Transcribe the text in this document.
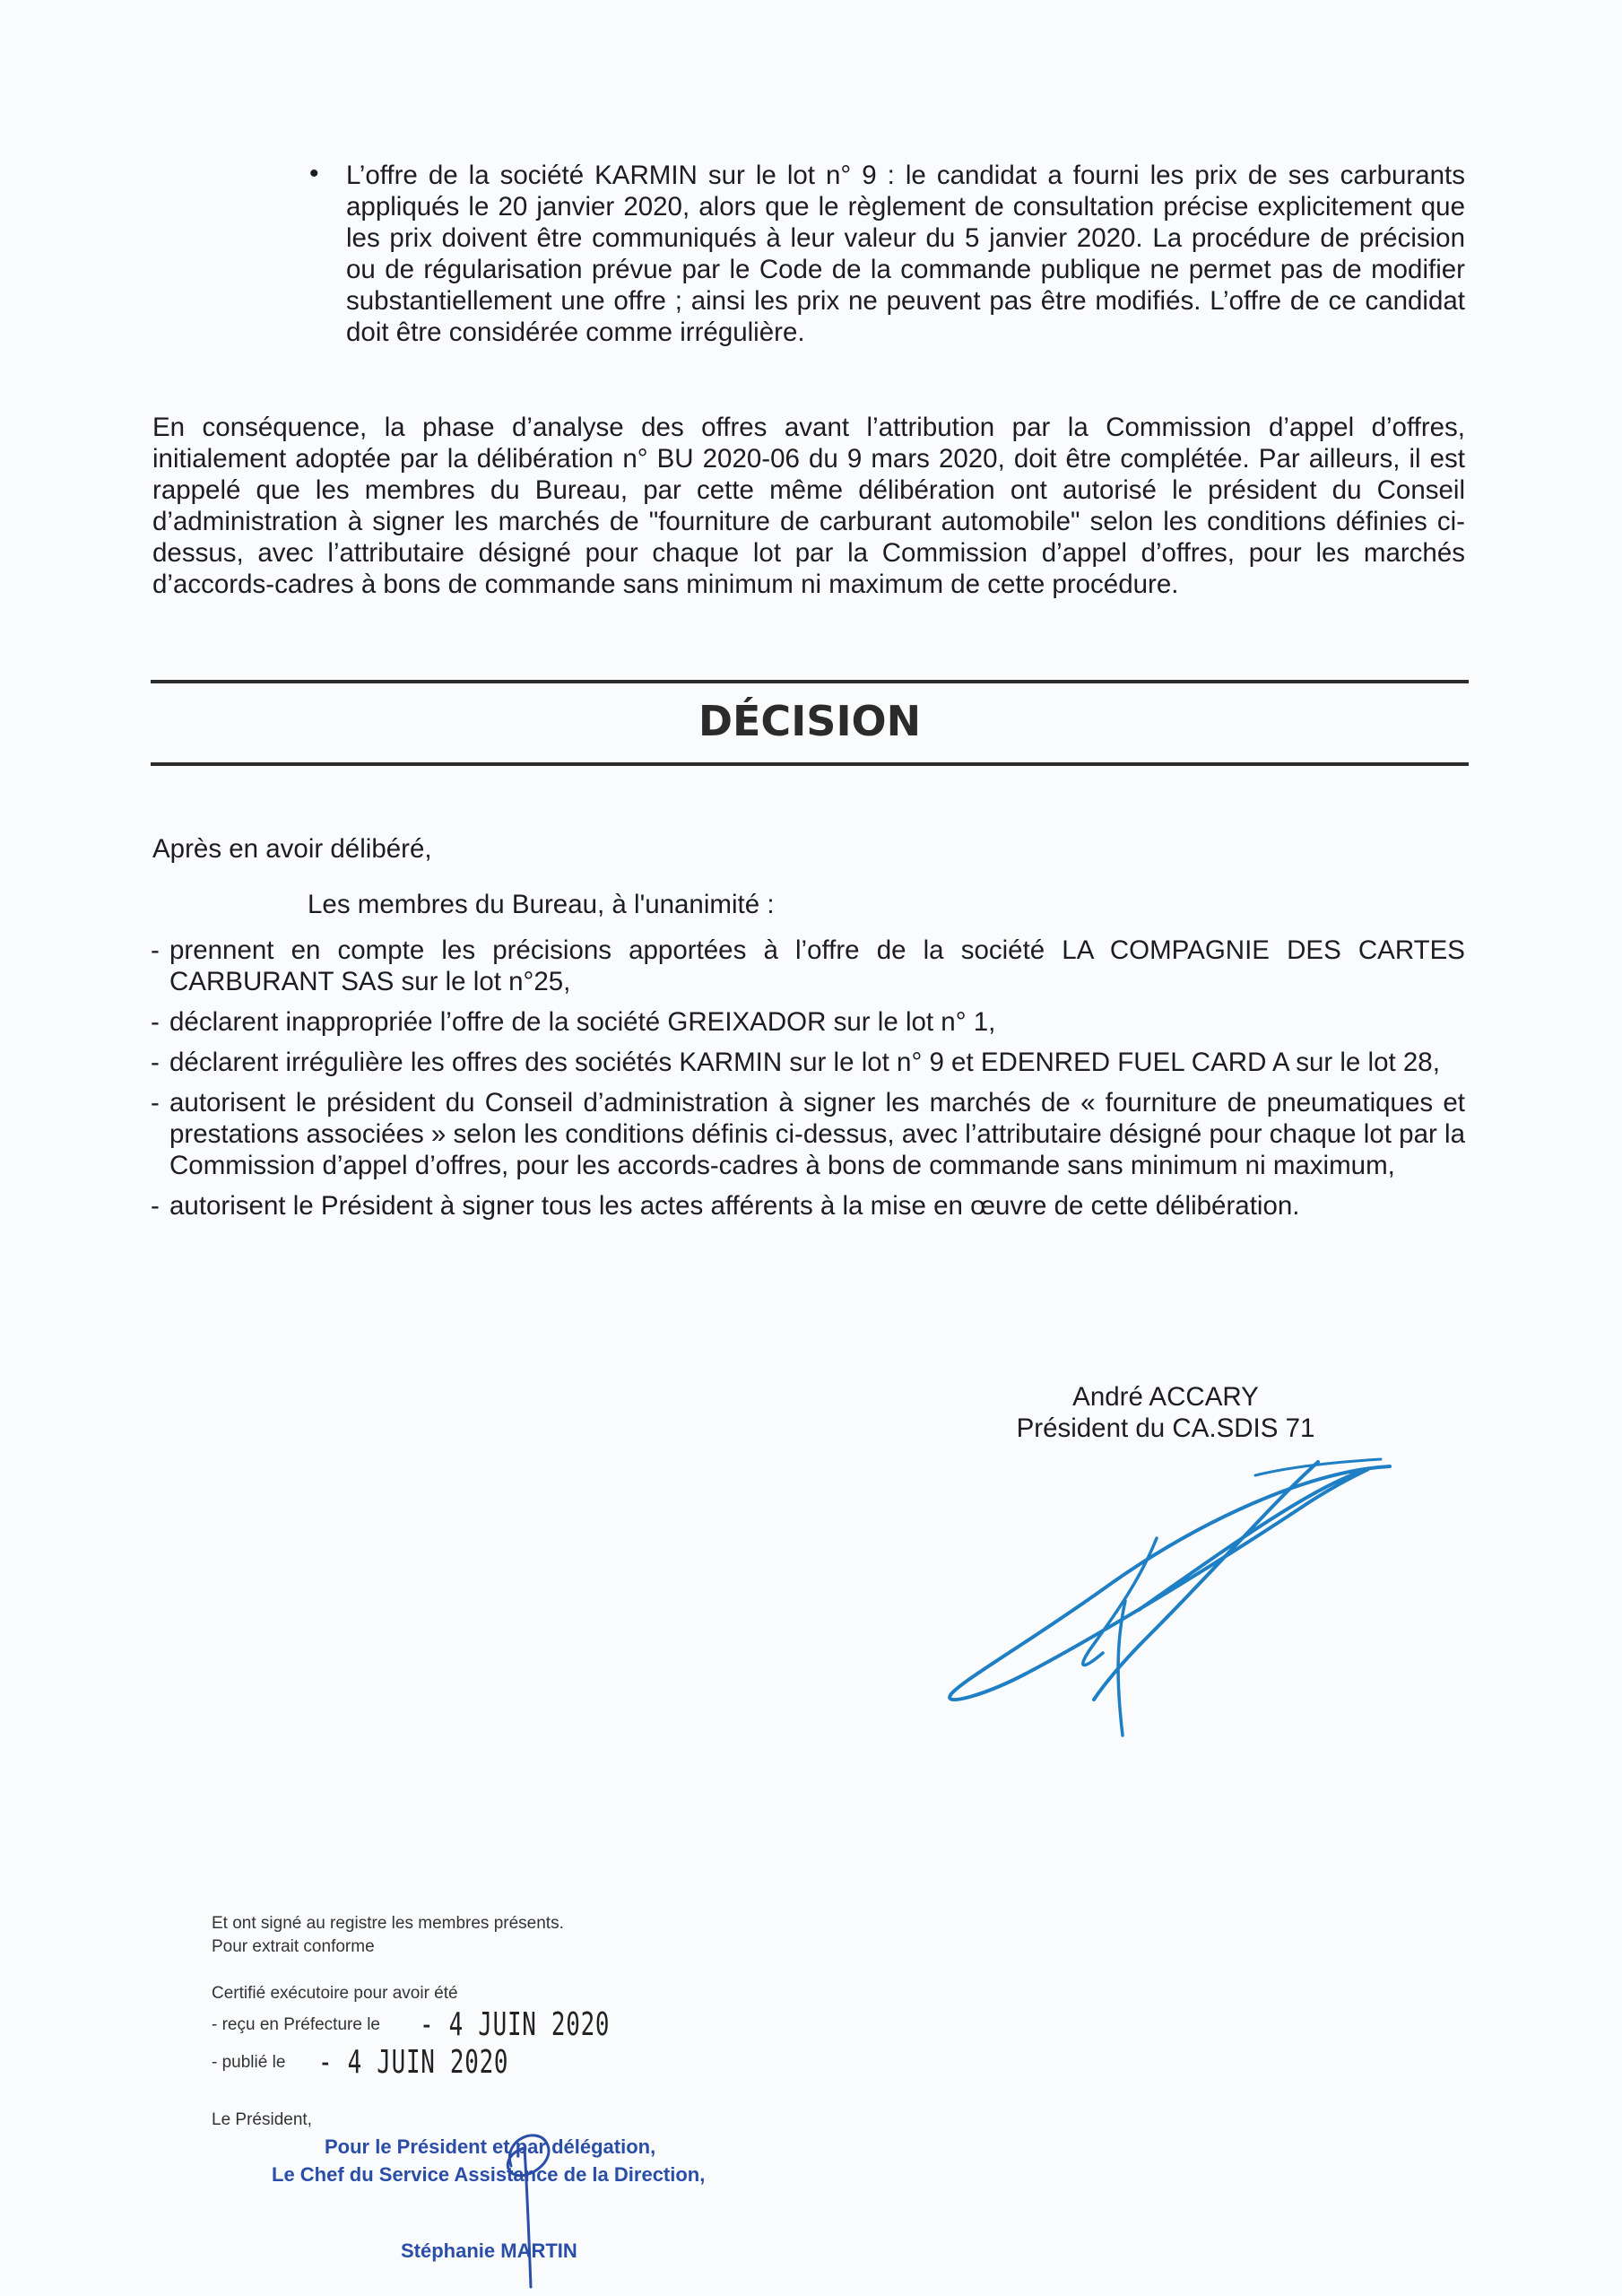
• L’offre de la société KARMIN sur le lot n° 9 : le candidat a fourni les prix de ses carburants appliqués le 20 janvier 2020, alors que le règlement de consultation précise explicitement que les prix doivent être communiqués à leur valeur du 5 janvier 2020. La procédure de précision ou de régularisation prévue par le Code de la commande publique ne permet pas de modifier substantiellement une offre ; ainsi les prix ne peuvent pas être modifiés. L’offre de ce candidat doit être considérée comme irrégulière.
En conséquence, la phase d’analyse des offres avant l’attribution par la Commission d’appel d’offres, initialement adoptée par la délibération n° BU 2020-06 du 9 mars 2020, doit être complétée. Par ailleurs, il est rappelé que les membres du Bureau, par cette même délibération ont autorisé le président du Conseil d’administration à signer les marchés de "fourniture de carburant automobile" selon les conditions définies ci-dessus, avec l’attributaire désigné pour chaque lot par la Commission d’appel d’offres, pour les marchés d’accords-cadres à bons de commande sans minimum ni maximum de cette procédure.
DÉCISION
Après en avoir délibéré,
Les membres du Bureau, à l'unanimité :
- prennent en compte les précisions apportées à l’offre de la société LA COMPAGNIE DES CARTES CARBURANT SAS sur le lot n°25,
- déclarent inappropriée l’offre de la société GREIXADOR sur le lot n° 1,
- déclarent irrégulière les offres des sociétés KARMIN sur le lot n° 9 et EDENRED FUEL CARD A sur le lot 28,
- autorisent le président du Conseil d’administration à signer les marchés de « fourniture de pneumatiques et prestations associées » selon les conditions définis ci-dessus, avec l’attributaire désigné pour chaque lot par la Commission d’appel d’offres, pour les accords-cadres à bons de commande sans minimum ni maximum,
- autorisent le Président à signer tous les actes afférents à la mise en œuvre de cette délibération.
André ACCARY
Président du CA.SDIS 71
Et ont signé au registre les membres présents.
Pour extrait conforme
Certifié exécutoire pour avoir été
- reçu en Préfecture le - 4 JUIN 2020
- publié le - 4 JUIN 2020
Le Président,
Pour le Président et par délégation,
Le Chef du Service Assistance de la Direction,
Stéphanie MARTIN
